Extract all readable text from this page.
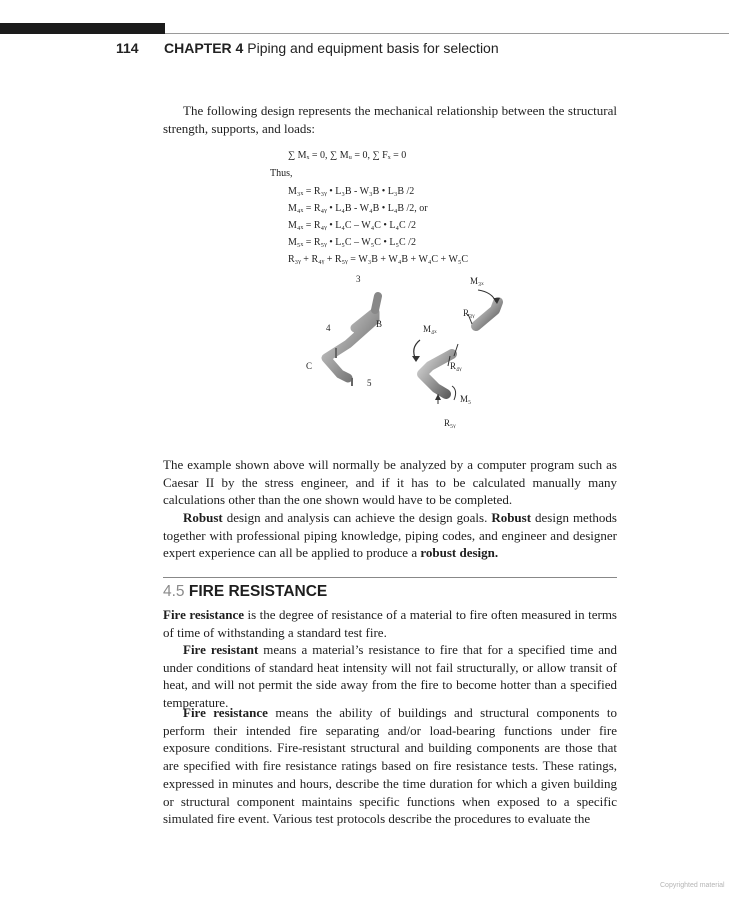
114 CHAPTER 4 Piping and equipment basis for selection

The following design represents the mechanical relationship between the structural strength, supports, and loads:

∑ Mₓ = 0, ∑ Mᵤ = 0, ∑ Fₓ = 0
Thus,
M₃ₓ = R₃ᵧ • L₃B - W₃B • L₃B /2
M₄ₓ = R₄ᵧ • L₄B - W₄B • L₄B /2, or
M₄ₓ = R₄ᵧ • L₄C – W₄C • L₄C /2
M₅ₓ = R₅ᵧ • L₅C – W₅C • L₅C /2
R₃ᵧ + R₄ᵧ + R₅ᵧ = W₃B + W₄B + W₄C + W₅C
3
4	B
C
5
M₃ₓ
R₃ᵧ
M₄ₓ
R₄ᵧ
M₅
R₅ᵧ

The example shown above will normally be analyzed by a computer program such as Caesar II by the stress engineer, and if it has to be calculated manually many calculations other than the one shown would have to be completed.

Robust design and analysis can achieve the design goals. Robust design methods together with professional piping knowledge, piping codes, and engineer and designer expert experience can all be applied to produce a robust design.

4.5 FIRE RESISTANCE

Fire resistance is the degree of resistance of a material to fire often measured in terms of time of withstanding a standard test fire.

Fire resistant means a material’s resistance to fire that for a specified time and under conditions of standard heat intensity will not fail structurally, or allow transit of heat, and will not permit the side away from the fire to become hotter than a specified temperature.

Fire resistance means the ability of buildings and structural components to perform their intended fire separating and/or load-bearing functions under fire exposure conditions. Fire-resistant structural and building components are those that are specified with fire resistance ratings based on fire resistance tests. These ratings, expressed in minutes and hours, describe the time duration for which a given building or structural component maintains specific functions when exposed to a specific simulated fire event. Various test protocols describe the procedures to evaluate the

Copyrighted material
